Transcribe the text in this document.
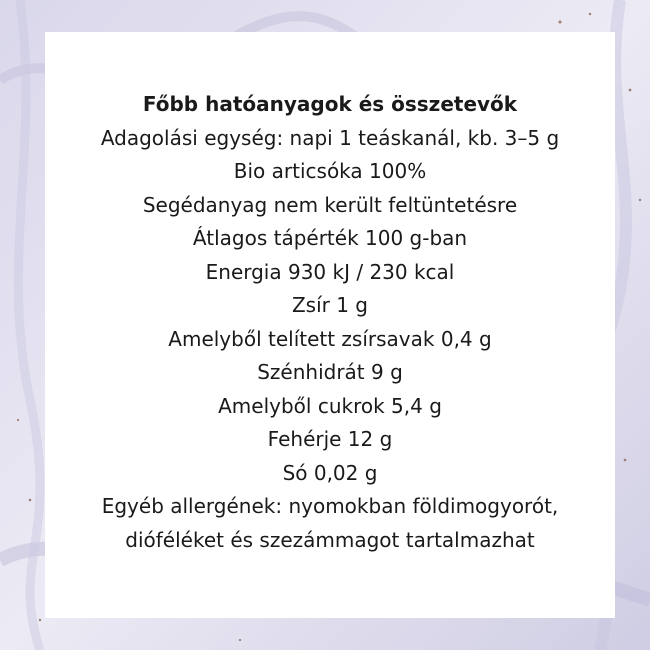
Főbb hatóanyagok és összetevők

Adagolási egység: napi 1 teáskanál, kb. 3–5 g

Bio articsóka 100%

Segédanyag nem került feltüntetésre

Átlagos tápérték 100 g-ban

Energia 930 kJ / 230 kcal

Zsír 1 g

Amelyből telített zsírsavak 0,4 g

Szénhidrát 9 g

Amelyből cukrok 5,4 g

Fehérje 12 g

Só 0,02 g

Egyéb allergének: nyomokban földimogyorót,

dióféléket és szezámmagot tartalmazhat
